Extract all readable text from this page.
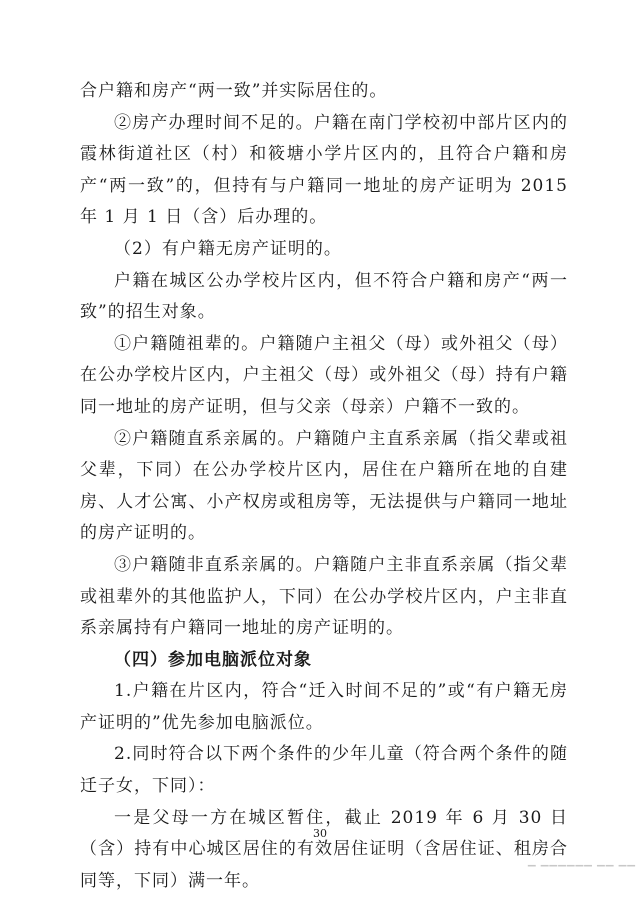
合户籍和房产“两一致”并实际居住的。

②房产办理时间不足的。户籍在南门学校初中部片区内的霞林街道社区（村）和筱塘小学片区内的，且符合户籍和房产“两一致”的，但持有与户籍同一地址的房产证明为 2015 年 1 月 1 日（含）后办理的。

（2）有户籍无房产证明的。

户籍在城区公办学校片区内，但不符合户籍和房产“两一致”的招生对象。

①户籍随祖辈的。户籍随户主祖父（母）或外祖父（母）在公办学校片区内，户主祖父（母）或外祖父（母）持有户籍同一地址的房产证明，但与父亲（母亲）户籍不一致的。

②户籍随直系亲属的。户籍随户主直系亲属（指父辈或祖父辈，下同）在公办学校片区内，居住在户籍所在地的自建房、人才公寓、小产权房或租房等，无法提供与户籍同一地址的房产证明的。

③户籍随非直系亲属的。户籍随户主非直系亲属（指父辈或祖辈外的其他监护人，下同）在公办学校片区内，户主非直系亲属持有户籍同一地址的房产证明的。

（四）参加电脑派位对象

1.户籍在片区内，符合“迁入时间不足的”或“有户籍无房产证明的”优先参加电脑派位。

2.同时符合以下两个条件的少年儿童（符合两个条件的随迁子女，下同）：

一是父母一方在城区暂住，截止 2019 年 6 月 30 日（含）持有中心城区居住的有效居住证明（含居住证、租房合同等，下同）满一年。

30
▁ ▁▁▁▁▁▁ ▁▁ ▁▁
